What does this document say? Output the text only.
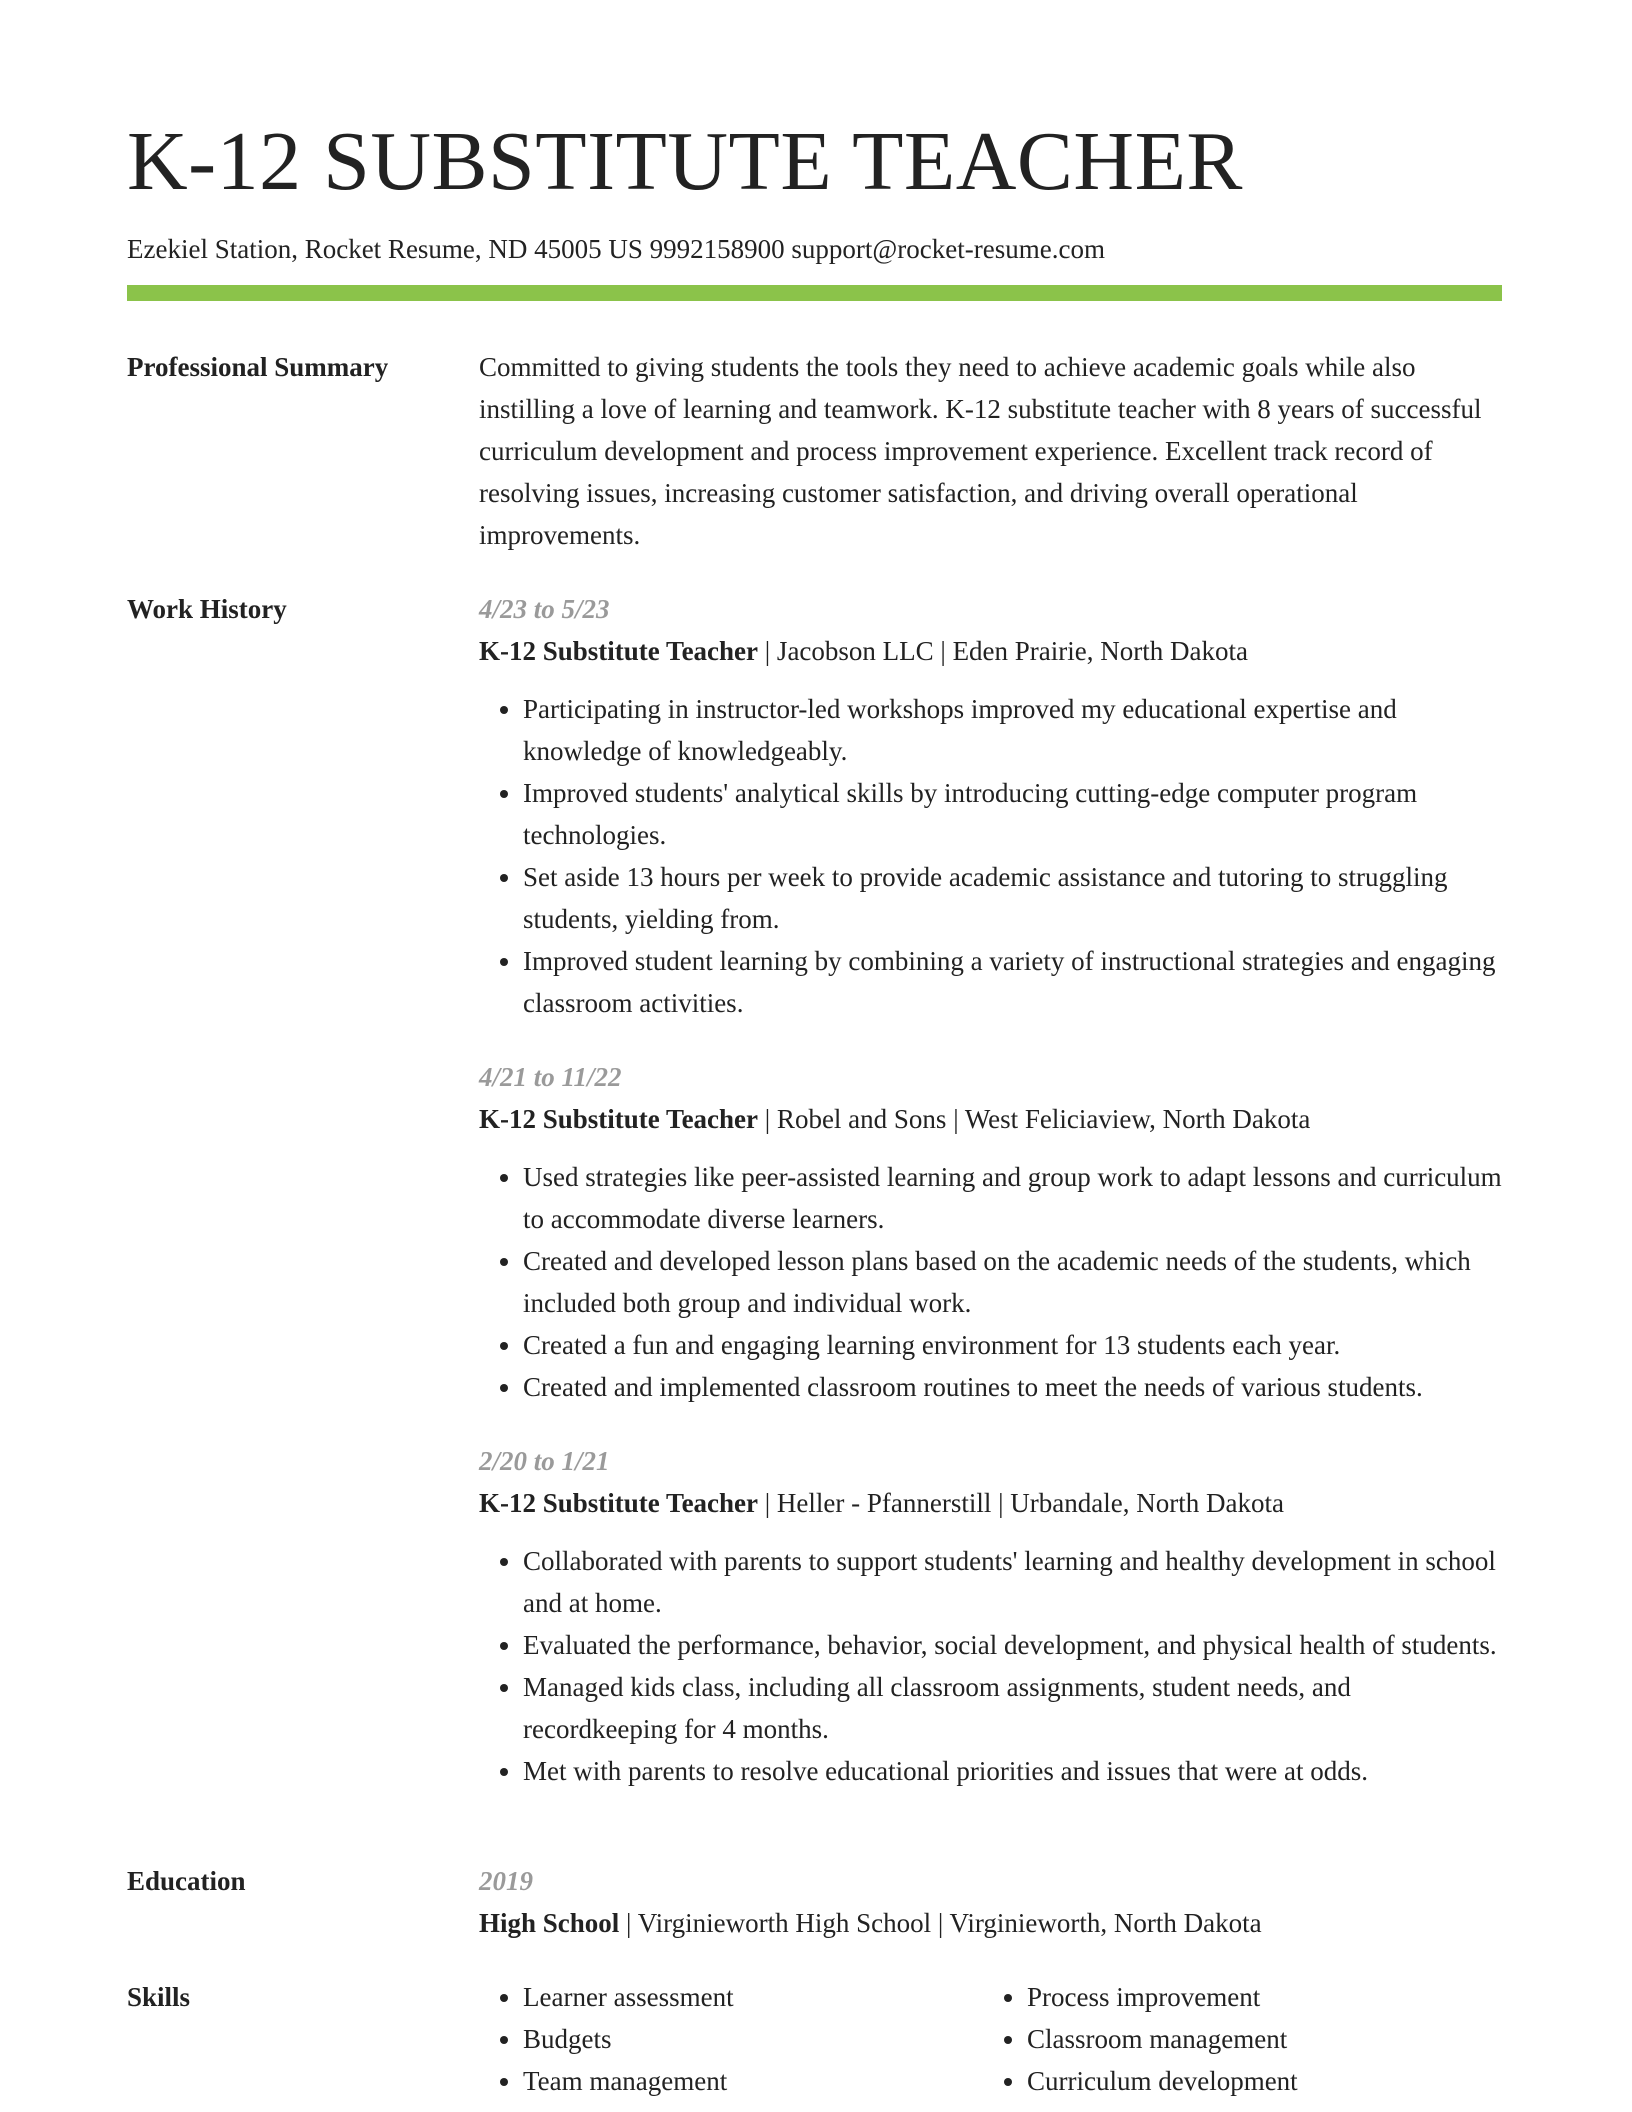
K-12 SUBSTITUTE TEACHER
Ezekiel Station, Rocket Resume, ND 45005 US 9992158900 support@rocket-resume.com
Professional Summary	Committed to giving students the tools they need to achieve academic goals while also instilling a love of learning and teamwork. K-12 substitute teacher with 8 years of successful curriculum development and process improvement experience. Excellent track record of resolving issues, increasing customer satisfaction, and driving overall operational improvements.

Work History	4/23 to 5/23
K-12 Substitute Teacher | Jacobson LLC | Eden Prairie, North Dakota
• Participating in instructor-led workshops improved my educational expertise and knowledge of knowledgeably.
• Improved students' analytical skills by introducing cutting-edge computer program technologies.
• Set aside 13 hours per week to provide academic assistance and tutoring to struggling students, yielding from.
• Improved student learning by combining a variety of instructional strategies and engaging classroom activities.
4/21 to 11/22
K-12 Substitute Teacher | Robel and Sons | West Feliciaview, North Dakota
• Used strategies like peer-assisted learning and group work to adapt lessons and curriculum to accommodate diverse learners.
• Created and developed lesson plans based on the academic needs of the students, which included both group and individual work.
• Created a fun and engaging learning environment for 13 students each year.
• Created and implemented classroom routines to meet the needs of various students.
2/20 to 1/21
K-12 Substitute Teacher | Heller - Pfannerstill | Urbandale, North Dakota
• Collaborated with parents to support students' learning and healthy development in school and at home.
• Evaluated the performance, behavior, social development, and physical health of students.
• Managed kids class, including all classroom assignments, student needs, and recordkeeping for 4 months.
• Met with parents to resolve educational priorities and issues that were at odds.
Education	2019
High School | Virginieworth High School | Virginieworth, North Dakota
Skills
•	Learner assessment
• Budgets
• Team management
• Process improvement
• Classroom management
• Curriculum development
